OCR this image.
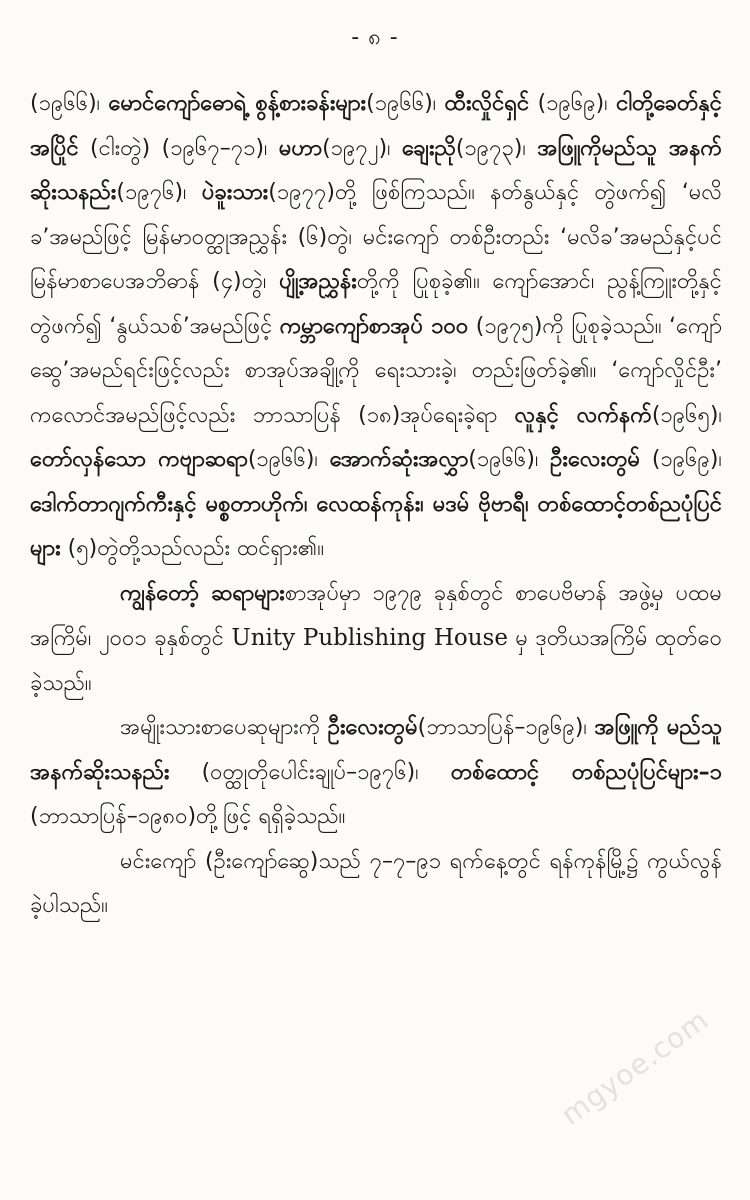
- ၈ -

(၁၉၆၆)၊ မောင်ကျော်ဓောရဲ့ စွန့်စားခန်းများ(၁၉၆၆)၊ ထီးလှိုင်ရှင် (၁၉၆၉)၊ ငါတို့ခေတ်နှင့် အပြိုင် (ငါးတွဲ) (၁၉၆၇–၇၁)၊ မဟာ(၁၉၇၂)၊ ချေးညို(၁၉၇၃)၊ အဖြူကိုမည်သူ အနက်ဆိုးသနည်း(၁၉၇၆)၊ ပဲခူးသား(၁၉၇၇)တို့ ဖြစ်ကြသည်။ နတ်နွယ်နှင့် တွဲဖက်၍ ‘မလိခ’အမည်ဖြင့် မြန်မာဝတ္ထုအညွှန်း (၆)တွဲ၊ မင်းကျော် တစ်ဦးတည်း ‘မလိခ’အမည်နှင့်ပင် မြန်မာစာပေအဘိဓာန် (၄)တွဲ၊ ပျို့အညွှန်းတို့ကို ပြုစုခဲ့၏။ ကျော်အောင်၊ ညွန့်ကြူးတို့နှင့် တွဲဖက်၍ ‘နွယ်သစ်’အမည်ဖြင့် ကမ္ဘာကျော်စာအုပ် ၁၀၀ (၁၉၇၅)ကို ပြုစုခဲ့သည်။ ‘ကျော်ဆွေ’အမည်ရင်းဖြင့်လည်း စာအုပ်အချို့ကို ရေးသားခဲ့၊ တည်းဖြတ်ခဲ့၏။ ‘ကျော်လှိုင်ဦး’ ကလောင်အမည်ဖြင့်လည်း ဘာသာပြန် (၁၈)အုပ်ရေးခဲ့ရာ လူနှင့် လက်နက်(၁၉၆၅)၊ တော်လှန်သော ကဗျာဆရာ(၁၉၆၆)၊ အောက်ဆုံးအလွှာ(၁၉၆၆)၊ ဦးလေးတွမ် (၁၉၆၉)၊ ဒေါက်တာဂျက်ကီးနှင့် မစ္စတာဟိုက်၊ လေထန်ကုန်း၊ မဒမ် ဗိုဗာရီ၊ တစ်ထောင့်တစ်ညပုံပြင်များ (၅)တွဲတို့သည်လည်း ထင်ရှား၏။

ကျွန်တော့် ဆရာများစာအုပ်မှာ ၁၉၇၉ ခုနှစ်တွင် စာပေဗိမာန် အဖွဲ့မှ ပထမအကြိမ်၊ ၂၀၀၁ ခုနှစ်တွင် Unity Publishing House မှ ဒုတိယအကြိမ် ထုတ်ဝေခဲ့သည်။

အမျိုးသားစာပေဆုများကို ဦးလေးတွမ်(ဘာသာပြန်–၁၉၆၉)၊ အဖြူကို မည်သူအနက်ဆိုးသနည်း (ဝတ္ထုတိုပေါင်းချုပ်–၁၉၇၆)၊ တစ်ထောင့် တစ်ညပုံပြင်များ–၁ (ဘာသာပြန်–၁၉၈၀)တို့ဖြင့် ရရှိခဲ့သည်။

မင်းကျော် (ဦးကျော်ဆွေ)သည် ၇–၇–၉၁ ရက်နေ့တွင် ရန်ကုန်မြို့၌ ကွယ်လွန်ခဲ့ပါသည်။

mgyoe.com
